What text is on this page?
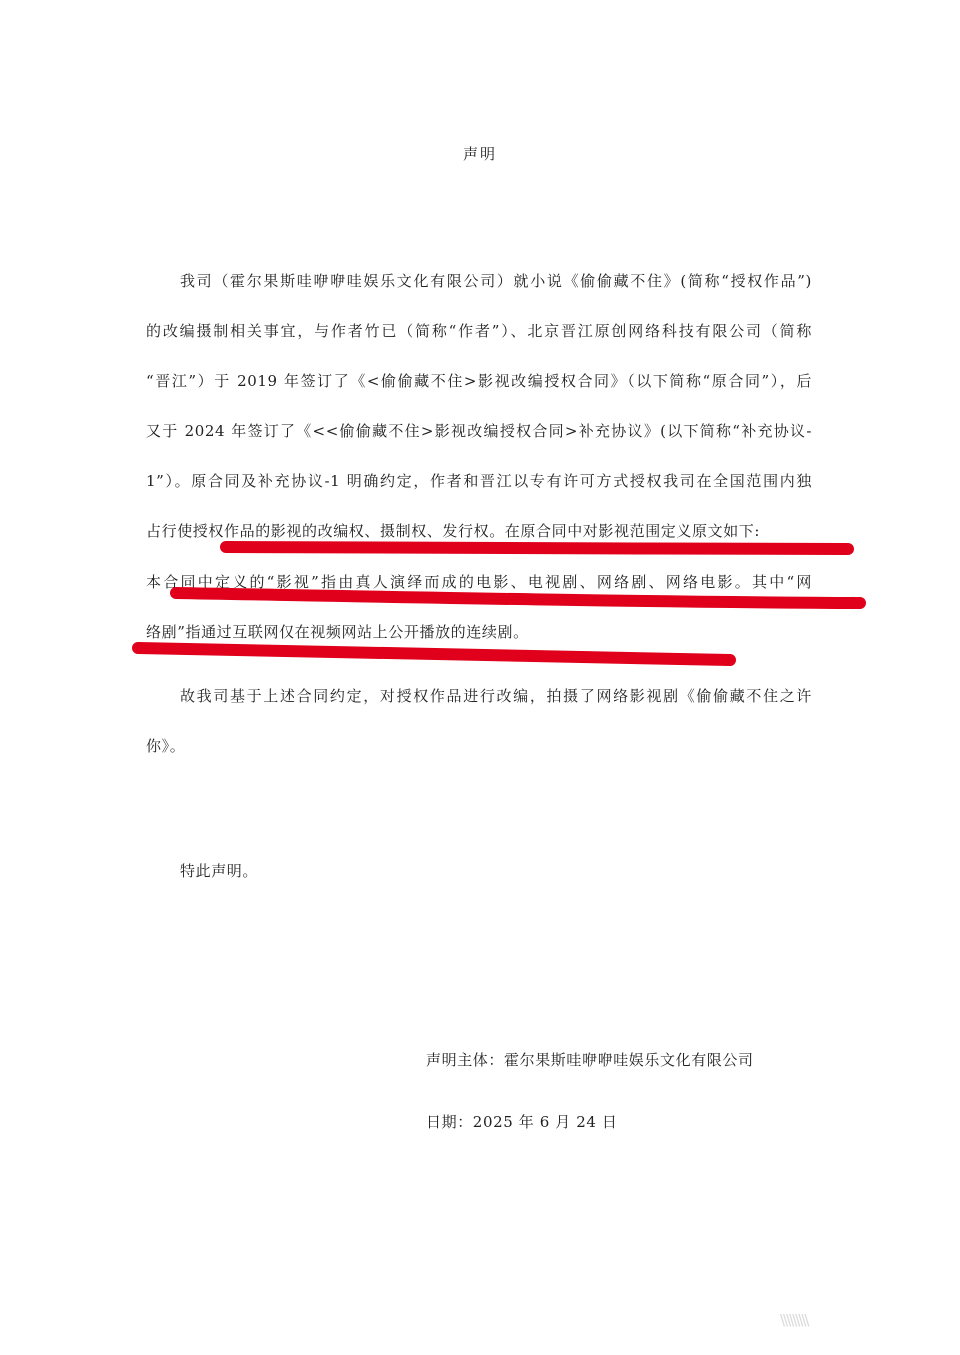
声明
我司（霍尔果斯哇咿咿哇娱乐文化有限公司）就小说《偷偷藏不住》(简称“授权作品”)
的改编摄制相关事宜，与作者竹已（简称“作者”）、北京晋江原创网络科技有限公司（简称
“晋江”）于 2019 年签订了《<偷偷藏不住>影视改编授权合同》（以下简称“原合同”），后
又于 2024 年签订了《<<偷偷藏不住>影视改编授权合同>补充协议》(以下简称“补充协议-
1”）。原合同及补充协议-1 明确约定，作者和晋江以专有许可方式授权我司在全国范围内独
占行使授权作品的影视的改编权、摄制权、发行权。在原合同中对影视范围定义原文如下:
本合同中定义的“影视”指由真人演绎而成的电影、电视剧、网络剧、网络电影。其中“网
络剧”指通过互联网仅在视频网站上公开播放的连续剧。
故我司基于上述合同约定，对授权作品进行改编，拍摄了网络影视剧《偷偷藏不住之许
你》。
特此声明。
声明主体：霍尔果斯哇咿咿哇娱乐文化有限公司
日期：2025 年 6 月 24 日
\\\\\\\\\
